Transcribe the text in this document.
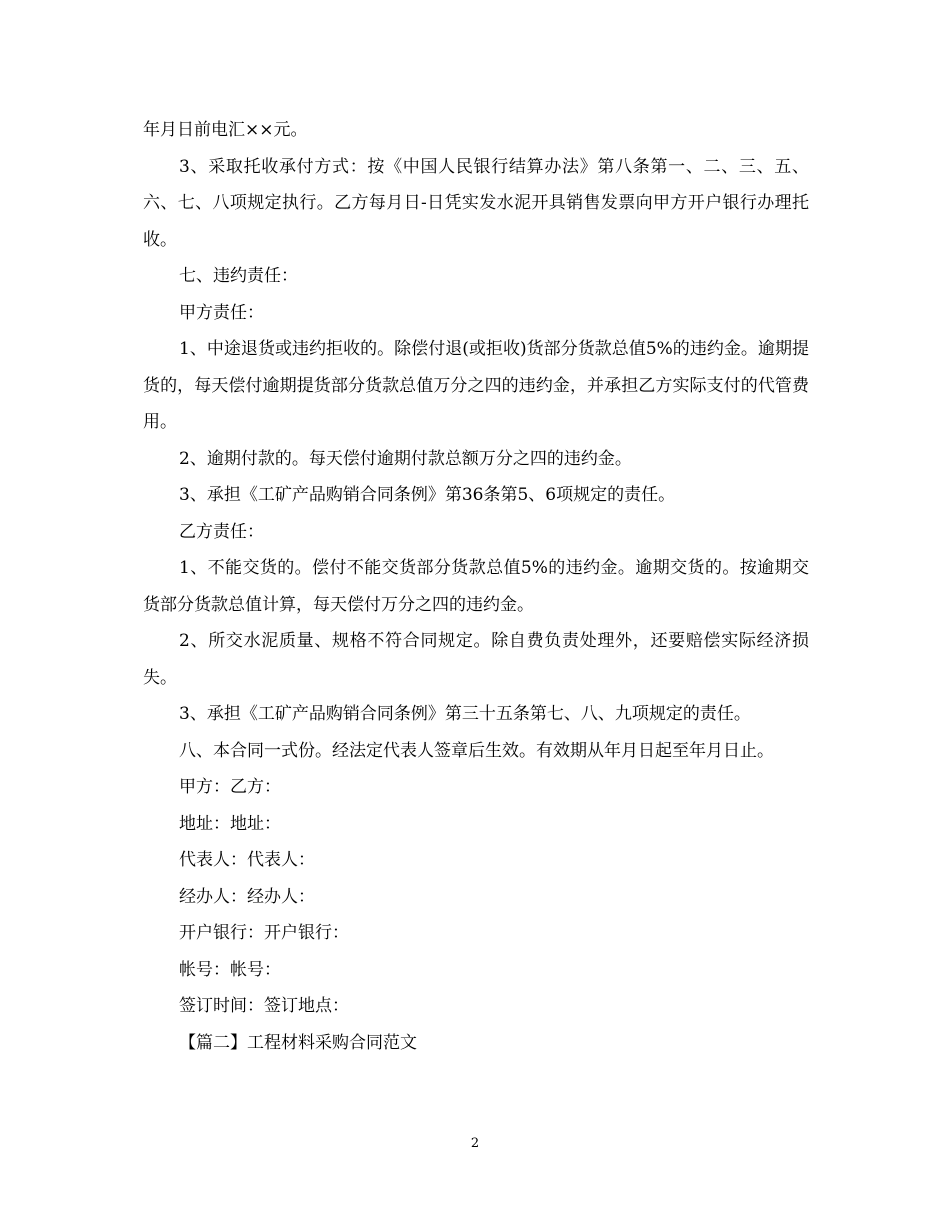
年月日前电汇××元。

3、采取托收承付方式：按《中国人民银行结算办法》第八条第一、二、三、五、六、七、八项规定执行。乙方每月日-日凭实发水泥开具销售发票向甲方开户银行办理托收。

七、违约责任：

甲方责任：

1、中途退货或违约拒收的。除偿付退(或拒收)货部分货款总值5%的违约金。逾期提货的，每天偿付逾期提货部分货款总值万分之四的违约金，并承担乙方实际支付的代管费用。

2、逾期付款的。每天偿付逾期付款总额万分之四的违约金。

3、承担《工矿产品购销合同条例》第36条第5、6项规定的责任。

乙方责任：

1、不能交货的。偿付不能交货部分货款总值5%的违约金。逾期交货的。按逾期交货部分货款总值计算，每天偿付万分之四的违约金。

2、所交水泥质量、规格不符合同规定。除自费负责处理外，还要赔偿实际经济损失。

3、承担《工矿产品购销合同条例》第三十五条第七、八、九项规定的责任。

八、本合同一式份。经法定代表人签章后生效。有效期从年月日起至年月日止。

甲方：乙方：

地址：地址：

代表人：代表人：

经办人：经办人：

开户银行：开户银行：

帐号：帐号：

签订时间：签订地点：

【篇二】工程材料采购合同范文

2
